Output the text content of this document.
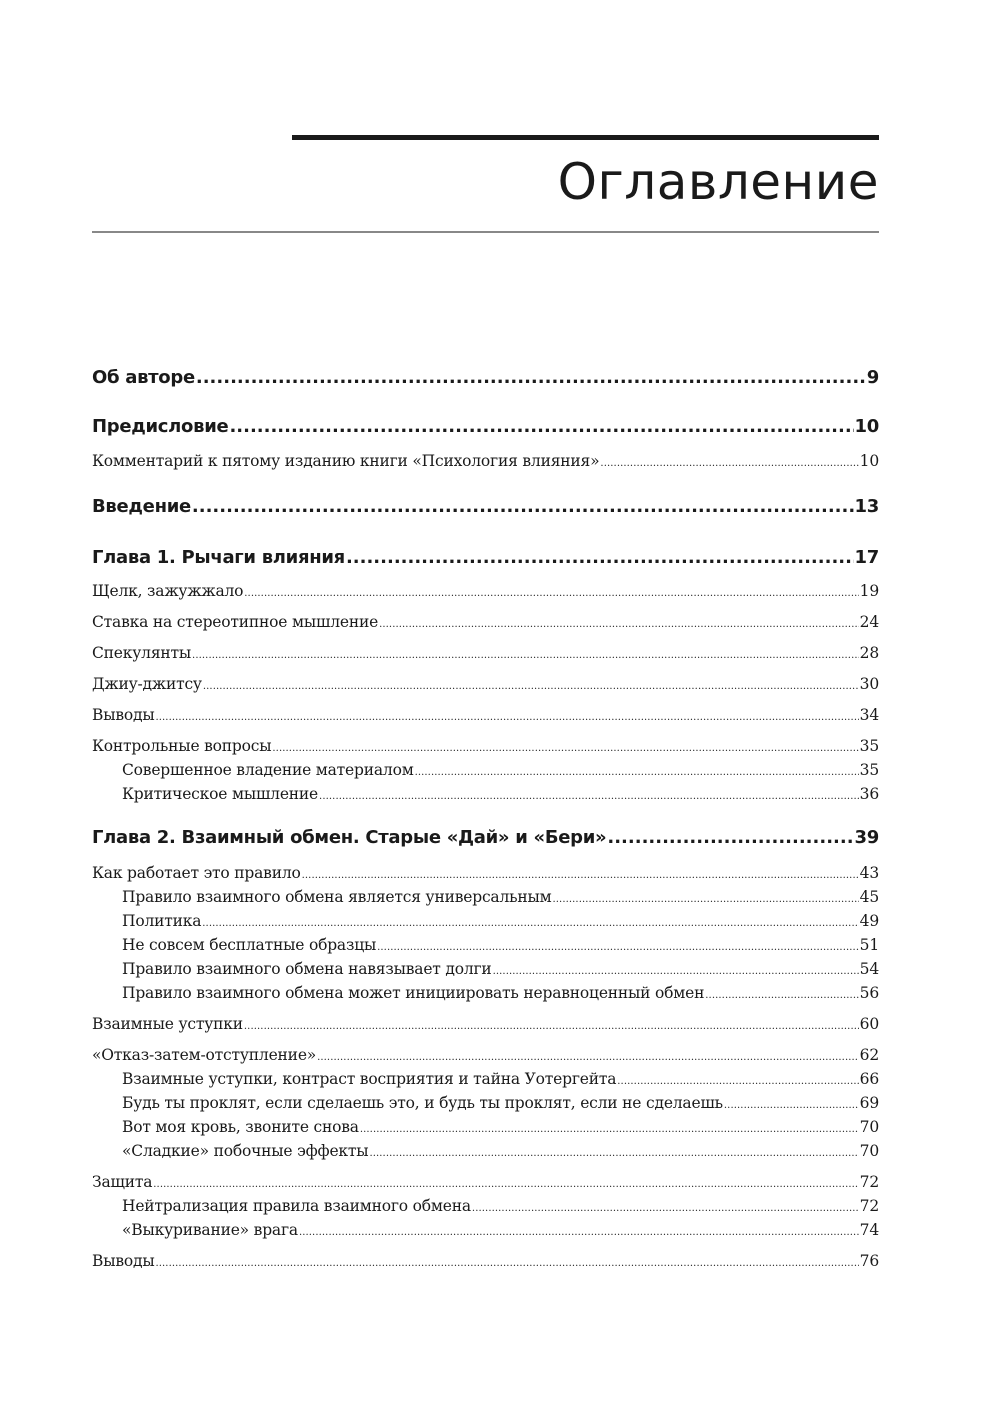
Оглавление
Об авторе .....	9
Предисловие .....	10
Комментарий к пятому изданию книги «Психология влияния» .....	10
Введение .....	13
Глава 1. Рычаги влияния .....	17
Щелк, зажужжало .....	19
Ставка на стереотипное мышление .....	24
Спекулянты .....	28
Джиу-джитсу .....	30
Выводы .....	34
Контрольные вопросы .....	35
Совершенное владение материалом .....	35
Критическое мышление .....	36
Глава 2. Взаимный обмен. Старые «Дай» и «Бери» .....	39
Как работает это правило .....	43
Правило взаимного обмена является универсальным .....	45
Политика .....	49
Не совсем бесплатные образцы .....	51
Правило взаимного обмена навязывает долги .....	54
Правило взаимного обмена может инициировать неравноценный обмен .....	56
Взаимные уступки .....	60
«Отказ-затем-отступление» .....	62
Взаимные уступки, контраст восприятия и тайна Уотергейта .....	66
Будь ты проклят, если сделаешь это, и будь ты проклят, если не сделаешь .....	69
Вот моя кровь, звоните снова .....	70
«Сладкие» побочные эффекты .....	70
Защита .....	72
Нейтрализация правила взаимного обмена .....	72
«Выкуривание» врага .....	74
Выводы .....	76
